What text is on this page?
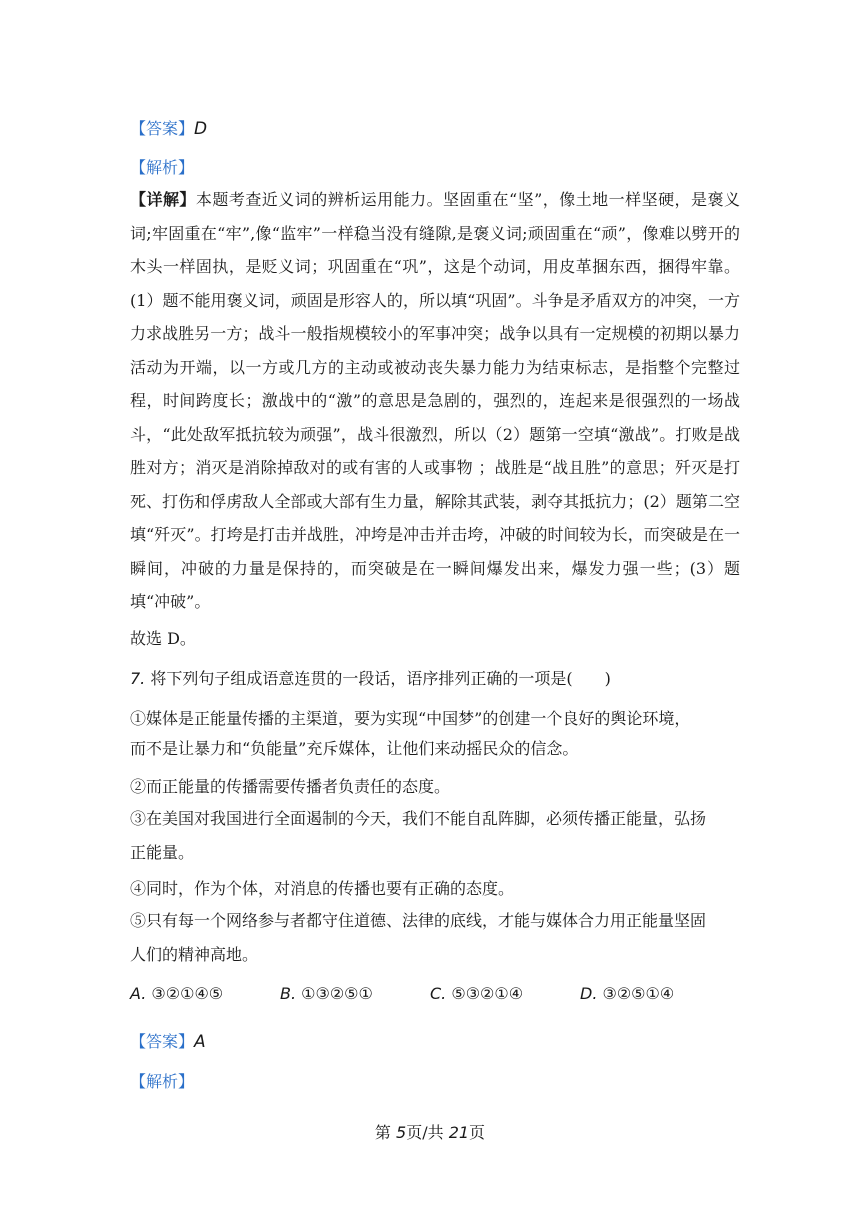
【答案】D
【解析】
【详解】本题考查近义词的辨析运用能力。坚固重在“坚”，像土地一样坚硬，是褒义词;牢固重在“牢”,像“监牢”一样稳当没有缝隙,是褒义词;顽固重在“顽”，像难以劈开的木头一样固执，是贬义词；巩固重在“巩”，这是个动词，用皮革捆东西，捆得牢靠。(1）题不能用褒义词，顽固是形容人的，所以填“巩固”。斗争是矛盾双方的冲突，一方力求战胜另一方；战斗一般指规模较小的军事冲突；战争以具有一定规模的初期以暴力活动为开端，以一方或几方的主动或被动丧失暴力能力为结束标志，是指整个完整过程，时间跨度长；激战中的“激”的意思是急剧的，强烈的，连起来是很强烈的一场战斗，“此处敌军抵抗较为顽强”，战斗很激烈，所以（2）题第一空填“激战”。打败是战胜对方；消灭是消除掉敌对的或有害的人或事物 ；战胜是“战且胜”的意思；歼灭是打死、打伤和俘虏敌人全部或大部有生力量，解除其武装，剥夺其抵抗力；(2）题第二空填“歼灭”。打垮是打击并战胜，冲垮是冲击并击垮，冲破的时间较为长，而突破是在一瞬间，冲破的力量是保持的，而突破是在一瞬间爆发出来，爆发力强一些；(3）题填“冲破”。
故选 D。
7. 将下列句子组成语意连贯的一段话，语序排列正确的一项是(　　)
①媒体是正能量传播的主渠道，要为实现“中国梦”的创建一个良好的舆论环境，
而不是让暴力和“负能量”充斥媒体，让他们来动摇民众的信念。
②而正能量的传播需要传播者负责任的态度。
③在美国对我国进行全面遏制的今天，我们不能自乱阵脚，必须传播正能量，弘扬
正能量。
④同时，作为个体，对消息的传播也要有正确的态度。
⑤只有每一个网络参与者都守住道德、法律的底线，才能与媒体合力用正能量坚固
人们的精神高地。
A. ③②①④⑤	B. ①③②⑤①	C. ⑤③②①④	D. ③②⑤①④
【答案】A
【解析】
第 5页/共 21页
